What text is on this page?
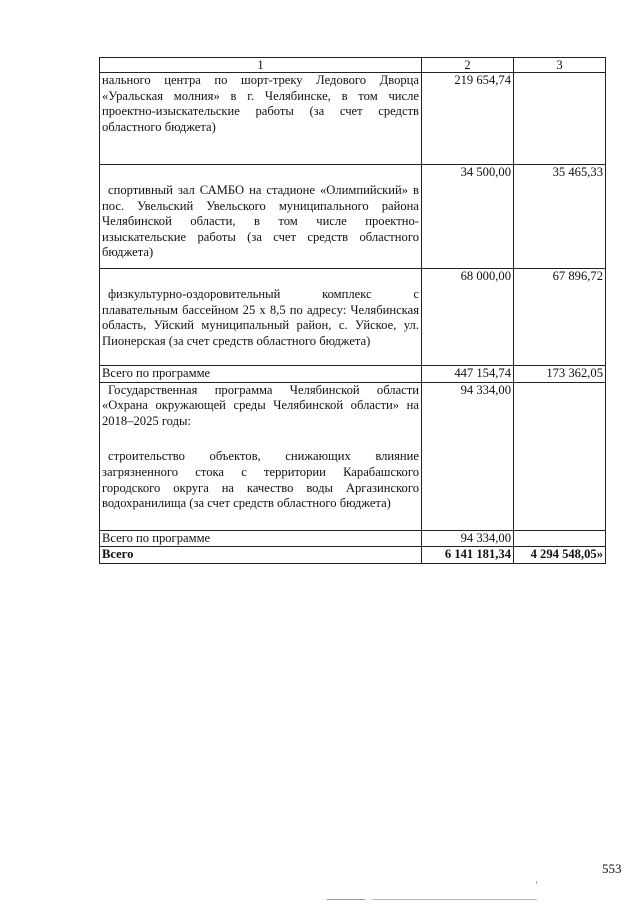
1	2	3

нального центра по шорт-треку Ледового Дворца «Уральская молния» в г. Челябинске, в том числе проектно-изыскательские работы (за счет средств областного бюджета)	219 654,74	

спортивный зал САМБО на стадионе «Олимпийский» в пос. Увельский Увельского муниципального района Челябинской области, в том числе проектно-изыскательские работы (за счет средств областного бюджета)	34 500,00	35 465,33

физкультурно-оздоровительный комплекс с плавательным бассейном 25 х 8,5 по адресу: Челябинская область, Уйский муниципальный район, с. Уйское, ул. Пионерская (за счет средств областного бюджета)	68 000,00	67 896,72
Всего по программе	447 154,74	173 362,05

Государственная программа Челябинской области «Охрана окружающей среды Челябинской области» на 2018–2025 годы:
строительство объектов, снижающих влияние загрязненного стока с территории Карабашского городского округа на качество воды Аргазинского водохранилища (за счет средств областного бюджета)	94 334,00	
Всего по программе	94 334,00	
Всего	6 141 181,34	4 294 548,05»
553
